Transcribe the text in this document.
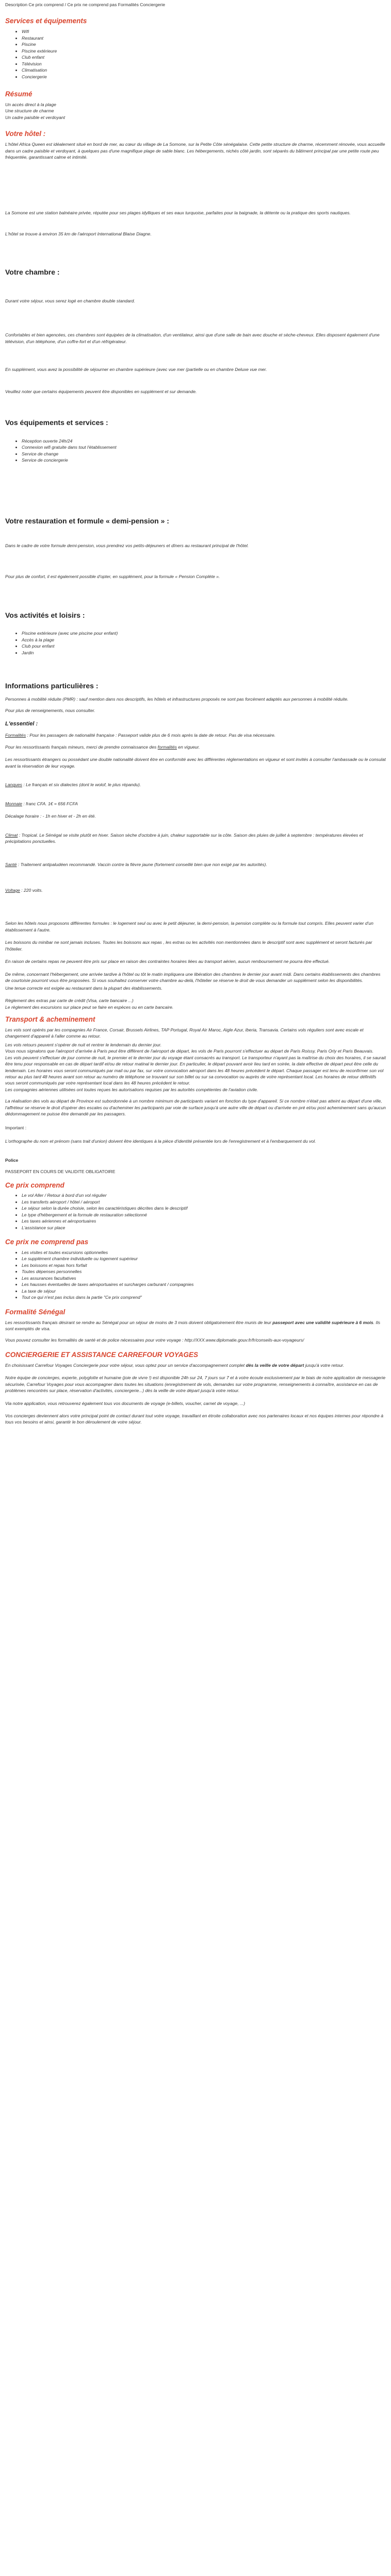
Description Ce prix comprend / Ce prix ne comprend pas Formalités Conciergerie
Services et équipements
• Wifi
• Restaurant
• Piscine
• Piscine extérieure
• Club enfant
• Télévision
• Climatisation
• Conciergerie
Résumé
Un accès direct à la plage
Une structure de charme
Un cadre paisible et verdoyant
Votre hôtel :

L'hôtel Africa Queen est idéalement situé en bord de mer, au cœur du village de La Somone, sur la Petite Côte sénégalaise. Cette petite structure de charme, récemment rénovée, vous accueille dans un cadre paisible et verdoyant, à quelques pas d'une magnifique plage de sable blanc. Les hébergements, nichés côté jardin, sont séparés du bâtiment principal par une petite route peu fréquentée, garantissant calme et intimité.

La Somone est une station balnéaire privée, réputée pour ses plages idylliques et ses eaux turquoise, parfaites pour la baignade, la détente ou la pratique des sports nautiques.

L'hôtel se trouve à environ 35 km de l'aéroport International Blaise Diagne.

Votre chambre :

Durant votre séjour, vous serez logé en chambre double standard.

Confortables et bien agencées, ces chambres sont équipées de la climatisation, d'un ventilateur, ainsi que d'une salle de bain avec douche et sèche-cheveux. Elles disposent également d'une télévision, d'un téléphone, d'un coffre-fort et d'un réfrigérateur.

En supplément, vous avez la possibilité de séjourner en chambre supérieure (avec vue mer (partielle ou en chambre Deluxe vue mer.

Veuillez noter que certains équipements peuvent être disponibles en supplément et sur demande.

Vos équipements et services :
• Réception ouverte 24h/24
• Connexion wifi gratuite dans tout l'établissement
• Service de change
• Service de conciergerie
Votre restauration et formule « demi-pension » :

Dans le cadre de votre formule demi-pension, vous prendrez vos petits-déjeuners et dîners au restaurant principal de l'hôtel.

Pour plus de confort, il est également possible d'opter, en supplément, pour la formule « Pension Complète ».

Vos activités et loisirs :
• Piscine extérieure (avec une piscine pour enfant)
• Accès à la plage
• Club pour enfant
• Jardin
Informations particulières :

Personnes à mobilité réduite (PMR) : sauf mention dans nos descriptifs, les hôtels et infrastructures proposés ne sont pas forcément adaptés aux personnes à mobilité réduite.

Pour plus de renseignements, nous consulter.

L'essentiel :

Formalités : Pour les passagers de nationalité française : Passeport valide plus de 6 mois après la date de retour. Pas de visa nécessaire.

Pour les ressortissants français mineurs, merci de prendre connaissance des formalités en vigueur.

Les ressortissants étrangers ou possédant une double nationalité doivent être en conformité avec les différentes réglementations en vigueur et sont invités à consulter l'ambassade ou le consulat avant la réservation de leur voyage.

Langues : Le français et six dialectes (dont le wolof, le plus répandu).

Monnaie : franc CFA. 1€ = 656 FCFA

Décalage horaire : - 1h en hiver et - 2h en été.

Climat : Tropical. Le Sénégal se visite plutôt en hiver. Saison sèche d'octobre à juin, chaleur supportable sur la côte. Saison des pluies de juillet à septembre : températures élevées et précipitations ponctuelles.

Santé : Traitement antipaludéen recommandé. Vaccin contre la fièvre jaune (fortement conseillé bien que non exigé par les autorités).

Voltage : 220 volts.

Selon les hôtels nous proposons différentes formules : le logement seul ou avec le petit déjeuner, la demi-pension, la pension complète ou la formule tout compris. Elles peuvent varier d'un établissement à l'autre.

Les boissons du minibar ne sont jamais incluses. Toutes les boissons aux repas , les extras ou les activités non mentionnées dans le descriptif sont avec supplément et seront facturés par l'hôtelier.

En raison de certains repas ne peuvent être pris sur place en raison des contraintes horaires liées au transport aérien, aucun remboursement ne pourra être effectué.

De même, concernant l'hébergement, une arrivée tardive à l'hôtel ou tôt le matin impliquera une libération des chambres le dernier jour avant midi. Dans certains établissements des chambres de courtoisie pourront vous être proposées. Si vous souhaitez conserver votre chambre au-delà, l'hôtelier se réserve le droit de vous demander un supplément selon les disponibilités.

Une tenue correcte est exigée au restaurant dans la plupart des établissements.

Règlement des extras par carte de crédit (Visa, carte bancaire ...)

Le règlement des excursions sur place peut se faire en espèces ou en carte bancaire.

Transport & acheminement

Les vols sont opérés par les compagnies Air France, Corsair, Brussels Airlines, TAP Portugal, Royal Air Maroc, Aigle Azur, Iberia, Transavia. Certains vols réguliers sont avec escale et changement d'appareil à l'aller comme au retour.

Les vols retours peuvent s'opérer de nuit et rentrer le lendemain du dernier jour.

Vous nous signalons que l'aéroport d'arrivée à Paris peut être différent de l'aéroport de départ, les vols de Paris pourront s'effectuer au départ de Paris Roissy, Paris Orly et Paris Beauvais.

Les vols peuvent s'effectuer de jour comme de nuit, le premier et le dernier jour du voyage étant consacrés au transport. Le transporteur n'ayant pas la maîtrise du choix des horaires, il se saurait être tenu pour responsable en cas de départ tardif et/ou de retour matinal le dernier jour. En particulier, le départ pouvant avoir lieu tard en soirée, la date effective de départ peut être celle du lendemain. Les horaires vous seront communiqués par mail ou par fax, sur votre convocation aéroport dans les 48 heures précédent le départ. Chaque passager est tenu de reconfirmer son vol retour au plus tard 48 heures avant son retour au numéro de téléphone se trouvant sur son billet ou sur sa convocation ou auprès de votre représentant local. Les horaires de retour définitifs vous seront communiqués par votre représentant local dans les 48 heures précédent le retour.

Les compagnies aériennes utilisées ont toutes reçues les autorisations requises par les autorités compétentes de l'aviation civile.

La réalisation des vols au départ de Province est subordonnée à un nombre minimum de participants variant en fonction du type d'appareil. Si ce nombre n'était pas atteint au départ d'une ville, l'affréteur se réserve le droit d'opérer des escales ou d'acheminer les participants par voie de surface jusqu'à une autre ville de départ ou d'arrivée en pré et/ou post acheminement sans qu'aucun dédommagement ne puisse être demandé par les passagers.

Important :

L'orthographe du nom et prénom (sans trait d'union) doivent être identiques à la pièce d'identité présentée lors de l'enregistrement et à l'embarquement du vol.

Police

PASSEPORT EN COURS DE VALIDITE OBLIGATOIRE

Ce prix comprend
• Le vol Aller / Retour à bord d'un vol régulier
• Les transferts aéroport / hôtel / aéroport
• Le séjour selon la durée choisie, selon les caractéristiques décrites dans le descriptif
• Le type d'hébergement et la formule de restauration sélectionné
• Les taxes aériennes et aéroportuaires
• L'assistance sur place
Ce prix ne comprend pas
• Les visites et toutes excursions optionnelles
• Le supplément chambre individuelle ou logement supérieur
• Les boissons et repas hors forfait
• Toutes dépenses personnelles
• Les assurances facultatives
• Les hausses éventuelles de taxes aéroportuaires et surcharges carburant / compagnies
• La taxe de séjour
• Tout ce qui n'est pas inclus dans la partie "Ce prix comprend"
Formalité Sénégal

Les ressortissants français désirant se rendre au Sénégal pour un séjour de moins de 3 mois doivent obligatoirement être munis de leur passeport avec une validité supérieure à 6 mois. Ils sont exemptés de visa.

Vous pouvez consulter les formalités de santé et de police nécessaires pour votre voyage : http://XXX.www.diplomatie.gouv.fr/fr/conseils-aux-voyageurs/

CONCIERGERIE ET ASSISTANCE CARREFOUR VOYAGES

En choisissant Carrefour Voyages Conciergerie pour votre séjour, vous optez pour un service d'accompagnement complet dès la veille de votre départ jusqu'à votre retour.

Notre équipe de concierges, experte, polyglotte et humaine (joie de vivre !) est disponible 24h sur 24, 7 jours sur 7 et à votre écoute exclusivement par le biais de notre application de messagerie sécurisée, Carrefour Voyages pour vous accompagner dans toutes les situations (enregistrement de vols, demandes sur votre programme, renseignements à connaître, assistance en cas de problèmes rencontrés sur place, réservation d'activités, conciergerie...) dès la veille de votre départ jusqu'à votre retour.

Via notre application, vous retrouverez également tous vos documents de voyage (e-billets, voucher, carnet de voyage, ...)

Vos concierges deviennent alors votre principal point de contact durant tout votre voyage, travaillant en étroite collaboration avec nos partenaires locaux et nos équipes internes pour répondre à tous vos besoins et ainsi, garantir le bon déroulement de votre séjour.
